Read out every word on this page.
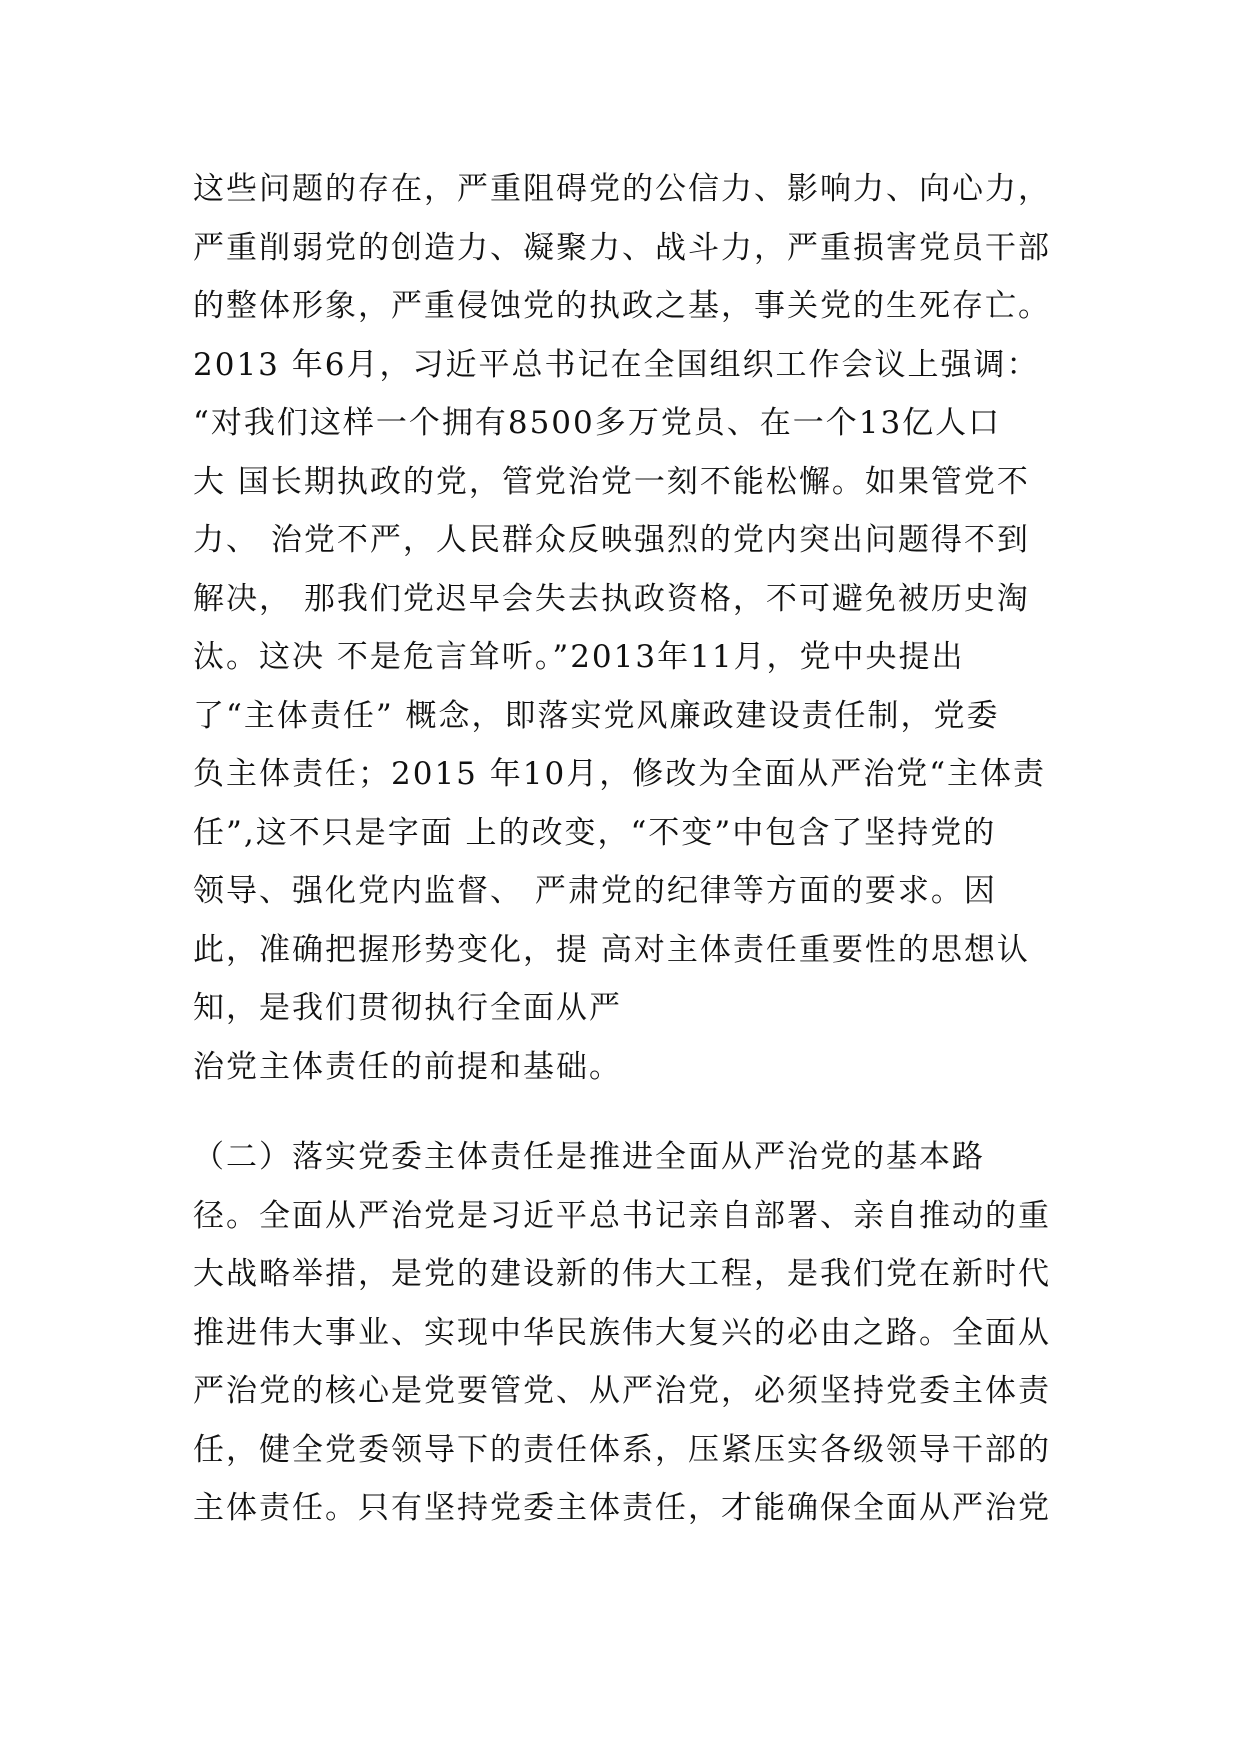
这些问题的存在，严重阻碍党的公信力、影响力、向心力，
严重削弱党的创造力、凝聚力、战斗力，严重损害党员干部
的整体形象，严重侵蚀党的执政之基，事关党的生死存亡。
2013 年6月，习近平总书记在全国组织工作会议上强调：
“对我们这样一个拥有8500多万党员、在一个13亿人口
大 国长期执政的党，管党治党一刻不能松懈。如果管党不
力、 治党不严，人民群众反映强烈的党内突出问题得不到
解决， 那我们党迟早会失去执政资格，不可避免被历史淘
汰。这决 不是危言耸听。”2013年11月，党中央提出
了“主体责任” 概念，即落实党风廉政建设责任制，党委
负主体责任；2015 年10月，修改为全面从严治党“主体责
任”,这不只是字面 上的改变，“不变”中包含了坚持党的
领导、强化党内监督、 严肃党的纪律等方面的要求。因
此，准确把握形势变化，提 高对主体责任重要性的思想认
知，是我们贯彻执行全面从严
治党主体责任的前提和基础。
（二）落实党委主体责任是推进全面从严治党的基本路
径。全面从严治党是习近平总书记亲自部署、亲自推动的重
大战略举措，是党的建设新的伟大工程，是我们党在新时代
推进伟大事业、实现中华民族伟大复兴的必由之路。全面从
严治党的核心是党要管党、从严治党，必须坚持党委主体责
任，健全党委领导下的责任体系，压紧压实各级领导干部的
主体责任。只有坚持党委主体责任，才能确保全面从严治党
